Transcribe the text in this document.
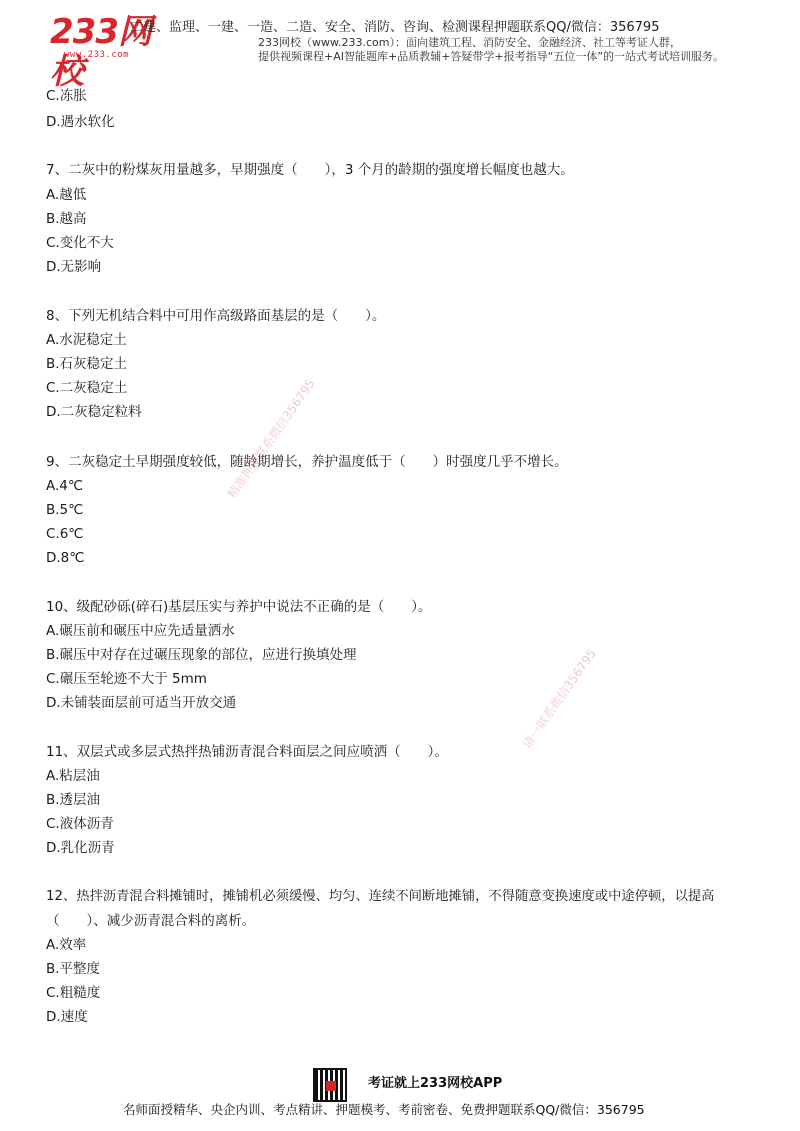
233网校
www.233.com
二建、监理、一建、一造、二造、安全、消防、咨询、检测课程押题联系QQ/微信：356795
233网校（www.233.com）：面向建筑工程、消防安全、金融经济、社工等考证人群，
提供视频课程+AI智能题库+品质教辅+答疑带学+报考指导“五位一体”的一站式考试培训服务。
C.冻胀
D.遇水软化
7、二灰中的粉煤灰用量越多，早期强度（　　），3 个月的龄期的强度增长幅度也越大。
A.越低
B.越高
C.变化不大
D.无影响
8、下列无机结合料中可用作高级路面基层的是（　　）。
A.水泥稳定土
B.石灰稳定土
C.二灰稳定土
D.二灰稳定粒料
9、二灰稳定土早期强度较低，随龄期增长，养护温度低于（　　）时强度几乎不增长。
A.4℃
B.5℃
C.6℃
D.8℃
10、级配砂砾(碎石)基层压实与养护中说法不正确的是（　　）。
A.碾压前和碾压中应先适量洒水
B.碾压中对存在过碾压现象的部位，应进行换填处理
C.碾压至轮迹不大于 5mm
D.未铺装面层前可适当开放交通
11、双层式或多层式热拌热铺沥青混合料面层之间应喷洒（　　）。
A.粘层油
B.透层油
C.液体沥青
D.乳化沥青
12、热拌沥青混合料摊铺时，摊铺机必须缓慢、均匀、连续不间断地摊铺，不得随意变换速度或中途停顿，以提高
（　　）、减少沥青混合料的离析。
A.效率
B.平整度
C.粗糙度
D.速度
精准押题联系微信356795
请一联系微信356795
考证就上233网校APP
名师面授精华、央企内训、考点精讲、押题模考、考前密卷、免费押题联系QQ/微信：356795
